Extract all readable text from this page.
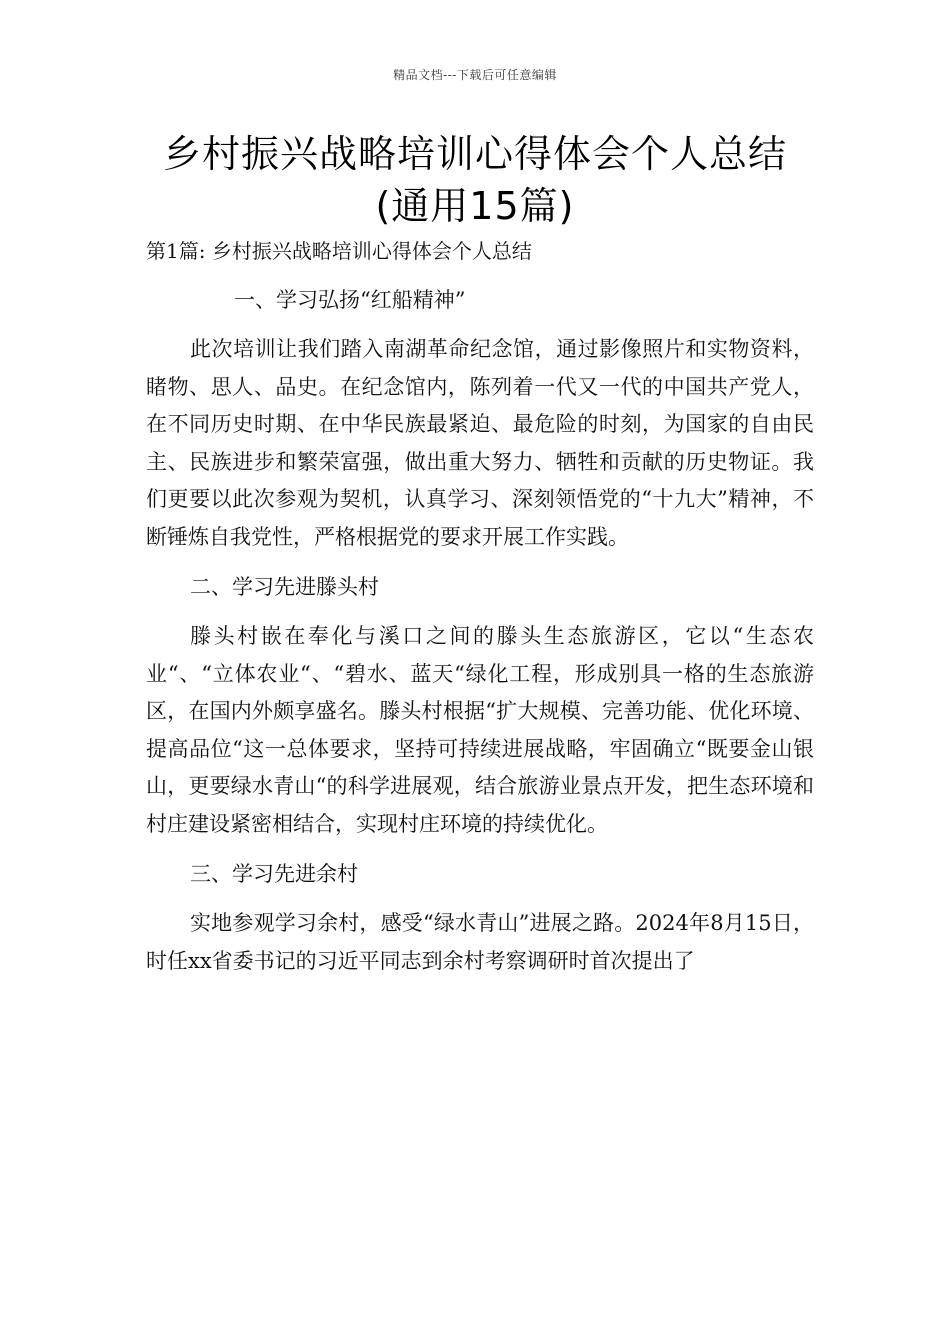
精品文档---下载后可任意编辑
乡村振兴战略培训心得体会个人总结
(通用15篇)

第1篇: 乡村振兴战略培训心得体会个人总结

一、学习弘扬“红船精神”

此次培训让我们踏入南湖革命纪念馆，通过影像照片和实物资料，睹物、思人、品史。在纪念馆内，陈列着一代又一代的中国共产党人，在不同历史时期、在中华民族最紧迫、最危险的时刻，为国家的自由民主、民族进步和繁荣富强，做出重大努力、牺牲和贡献的历史物证。我们更要以此次参观为契机，认真学习、深刻领悟党的“十九大”精神，不断锤炼自我党性，严格根据党的要求开展工作实践。

二、学习先进滕头村

滕头村嵌在奉化与溪口之间的滕头生态旅游区，它以“生态农业“、“立体农业“、“碧水、蓝天“绿化工程，形成别具一格的生态旅游区，在国内外颇享盛名。滕头村根据“扩大规模、完善功能、优化环境、提高品位“这一总体要求，坚持可持续进展战略，牢固确立“既要金山银山，更要绿水青山“的科学进展观，结合旅游业景点开发，把生态环境和村庄建设紧密相结合，实现村庄环境的持续优化。

三、学习先进余村

实地参观学习余村，感受“绿水青山”进展之路。2024年8月15日，时任xx省委书记的习近平同志到余村考察调研时首次提出了
